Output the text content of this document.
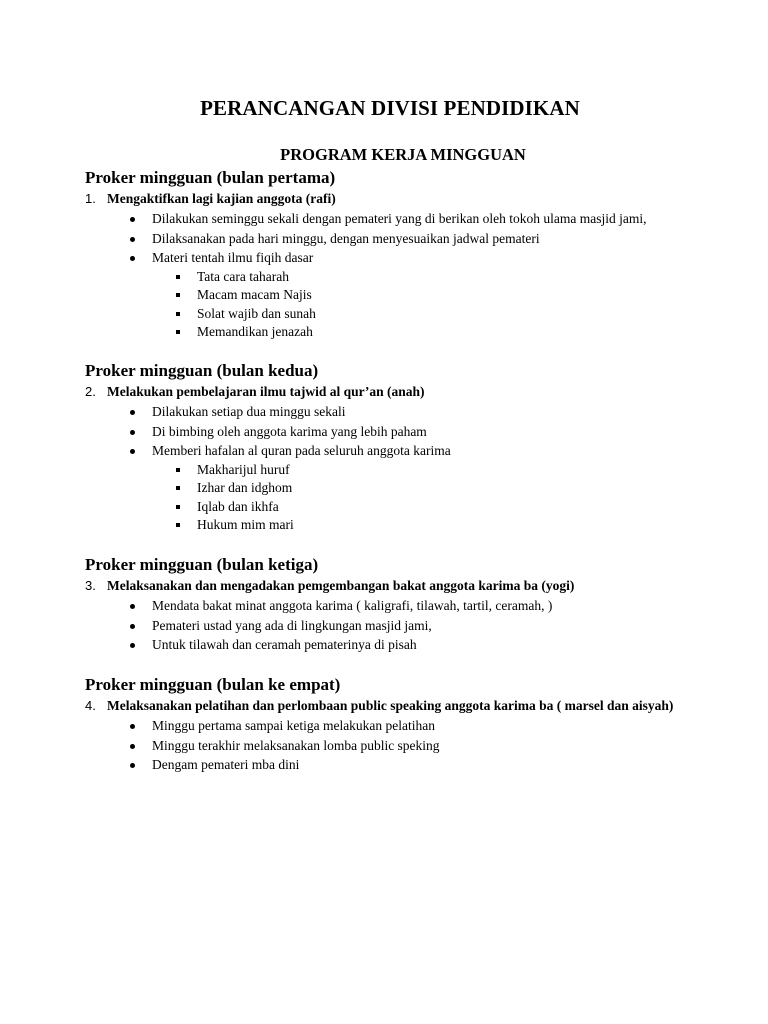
PERANCANGAN DIVISI PENDIDIKAN
PROGRAM KERJA MINGGUAN
Proker mingguan (bulan pertama)
1. Mengaktifkan lagi kajian anggota (rafi)
Dilakukan seminggu sekali dengan pemateri yang di berikan oleh tokoh ulama masjid jami,
Dilaksanakan pada hari minggu, dengan menyesuaikan jadwal pemateri
Materi tentah ilmu fiqih dasar
Tata cara taharah
Macam macam Najis
Solat wajib dan sunah
Memandikan jenazah
Proker mingguan (bulan kedua)
2. Melakukan pembelajaran ilmu tajwid al qur’an (anah)
Dilakukan setiap dua minggu sekali
Di bimbing oleh anggota karima yang lebih paham
Memberi hafalan al quran pada seluruh anggota karima
Makharijul huruf
Izhar dan idghom
Iqlab dan ikhfa
Hukum mim mari
Proker mingguan (bulan ketiga)
3. Melaksanakan dan mengadakan pemgembangan bakat anggota karima ba (yogi)
Mendata bakat minat anggota karima ( kaligrafi, tilawah, tartil, ceramah, )
Pemateri ustad yang ada di lingkungan masjid jami,
Untuk tilawah dan ceramah pematerinya di pisah
Proker mingguan (bulan ke empat)
4. Melaksanakan pelatihan dan perlombaan public speaking anggota karima ba ( marsel dan aisyah)
Minggu pertama sampai ketiga melakukan pelatihan
Minggu terakhir melaksanakan lomba public speking
Dengam pemateri mba dini
